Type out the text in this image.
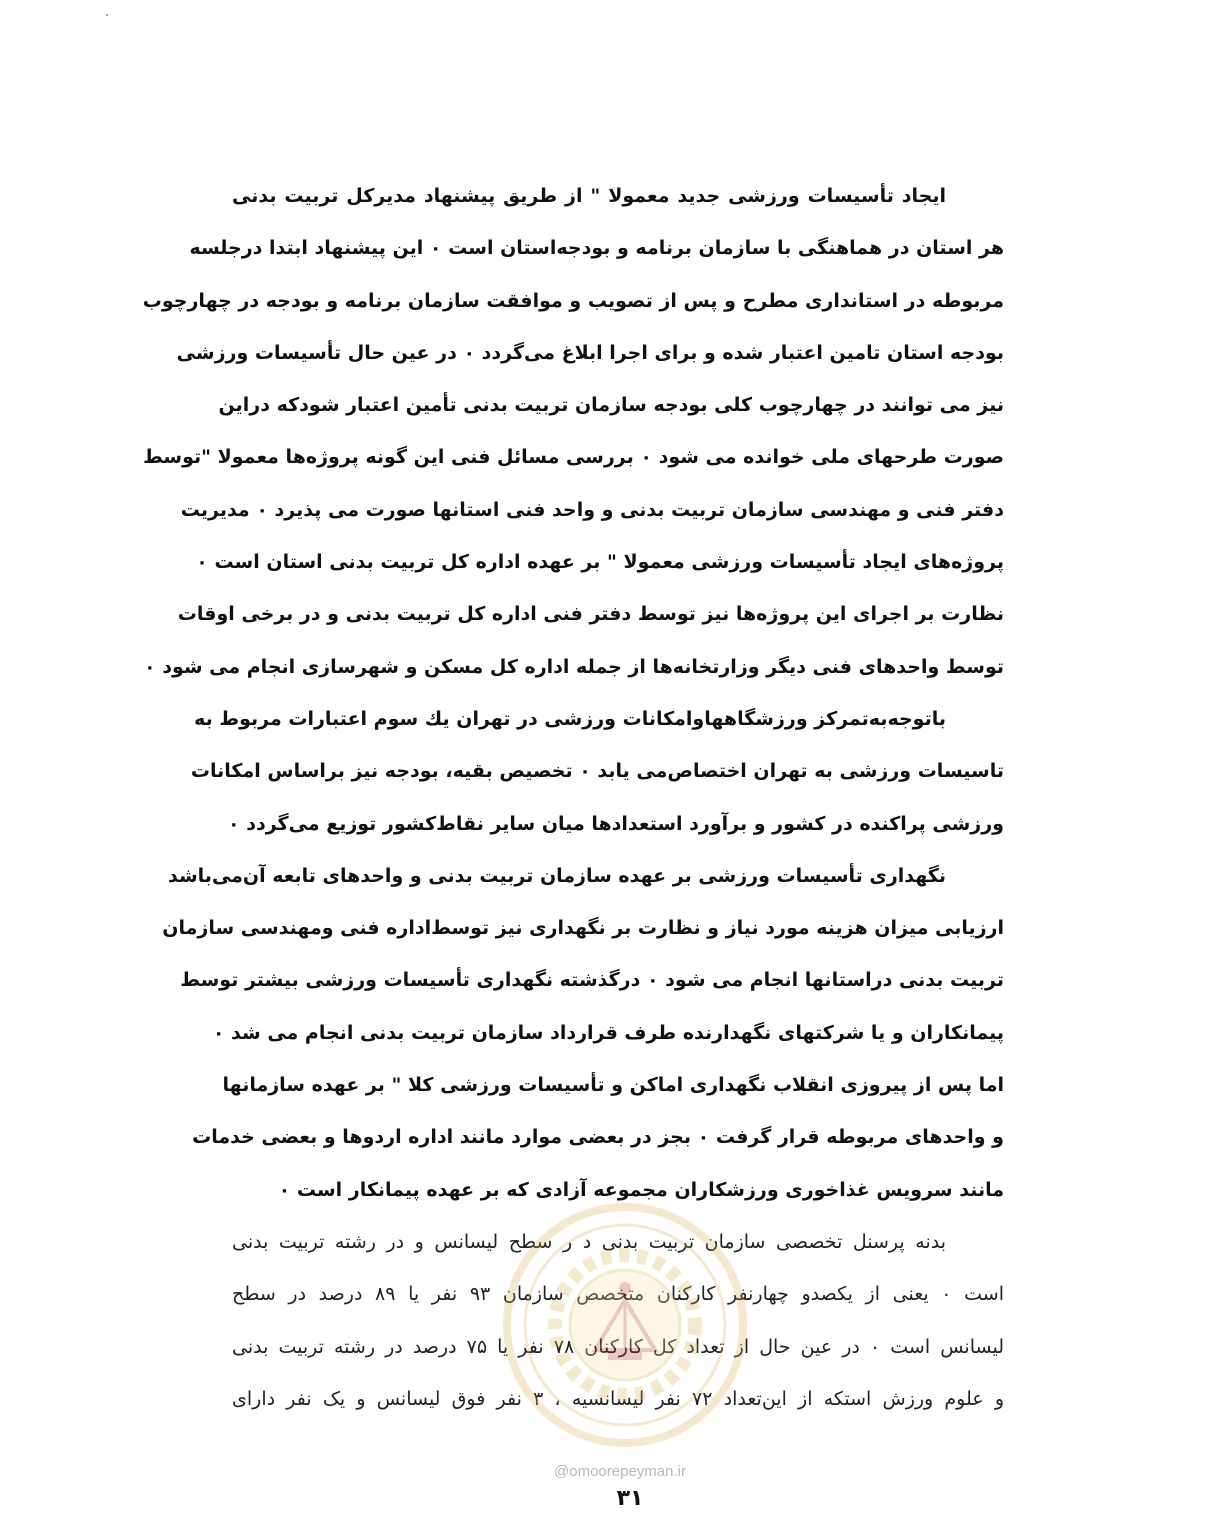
ایجاد تأسیسات ورزشی جدید معمولا " از طریق پیشنهاد مدیرکل تربیت بدنی
هر استان در هماهنگی با سازمان برنامه و بودجه‌استان است ۰ این پیشنهاد ابتدا درجلسه
مربوطه در استانداری مطرح و پس از تصویب و موافقت سازمان برنامه و بودجه در چهارچوب
بودجه استان تامین اعتبار شده و برای اجرا ابلاغ می‌گردد ۰ در عین حال تأسیسات ورزشی
نیز می توانند در چهارچوب کلی بودجه سازمان تربیت بدنی تأمین اعتبار شودکه دراین
صورت طرحهای ملی خوانده می شود ۰ بررسی مسائل فنی این گونه پروژه‌ها معمولا "توسط
دفتر فنی و مهندسی سازمان تربیت بدنی و واحد فنی استانها صورت می پذیرد ۰ مدیریت
پروژه‌های ایجاد تأسیسات ورزشی معمولا " بر عهده اداره کل تربیت بدنی استان است ۰
نظارت بر اجرای این پروژه‌ها نیز توسط دفتر فنی اداره کل تربیت بدنی و در برخی اوقات
توسط واحدهای فنی دیگر وزارتخانه‌ها از جمله اداره کل مسکن و شهرسازی انجام می شود ۰
باتوجه‌به‌تمرکز ورزشگاهها‌وامکانات ورزشی در تهران یك سوم اعتبارات مربوط به
تاسیسات ورزشی به تهران اختصاص‌می یابد ۰ تخصیص بقیه، بودجه نیز براساس امکانات
ورزشی پراکنده در کشور و برآورد استعدادها میان سایر نقاط‌کشور توزیع می‌گردد ۰
نگهداری تأسیسات ورزشی بر عهده سازمان تربیت بدنی و واحدهای تابعه آن‌می‌باشد
ارزیابی میزان هزینه مورد نیاز و نظارت بر نگهداری نیز توسط‌اداره فنی ومهندسی سازمان
تربیت بدنی دراستانها انجام می شود ۰ درگذشته نگهداری تأسیسات ورزشی بیشتر توسط
پیمانکاران و یا شرکتهای نگهدارنده طرف قرارداد سازمان تربیت بدنی انجام می شد ۰
اما پس از پیروزی انقلاب نگهداری اماکن و تأسیسات ورزشی کلا " بر عهده سازمانها
و واحدهای مربوطه قرار گرفت ۰ بجز در بعضی موارد مانند اداره اردوها و بعضی خدمات
مانند سرویس غذاخوری ورزشکاران مجموعه آزادی که بر عهده پیمانکار است ۰
بدنه پرسنل تخصصی سازمان تربیت بدنی د ر سطح لیسانس و در رشته تربیت بدنی
است ۰ یعنی از یکصدو چهارنفر کارکنان متخصص سازمان ۹۳ نفر یا ۸۹ درصد در سطح
لیسانس است ۰ در عین حال از تعداد کل کارکنان ۷۸ نفر یا ۷۵ درصد در رشته تربیت بدنی
و علوم ورزش استکه از این‌تعداد ۷۲ نفر لیسانسیه ، ۳ نفر فوق لیسانس و یک نفر دارای
@omoorepeyman.ir
۳۱
